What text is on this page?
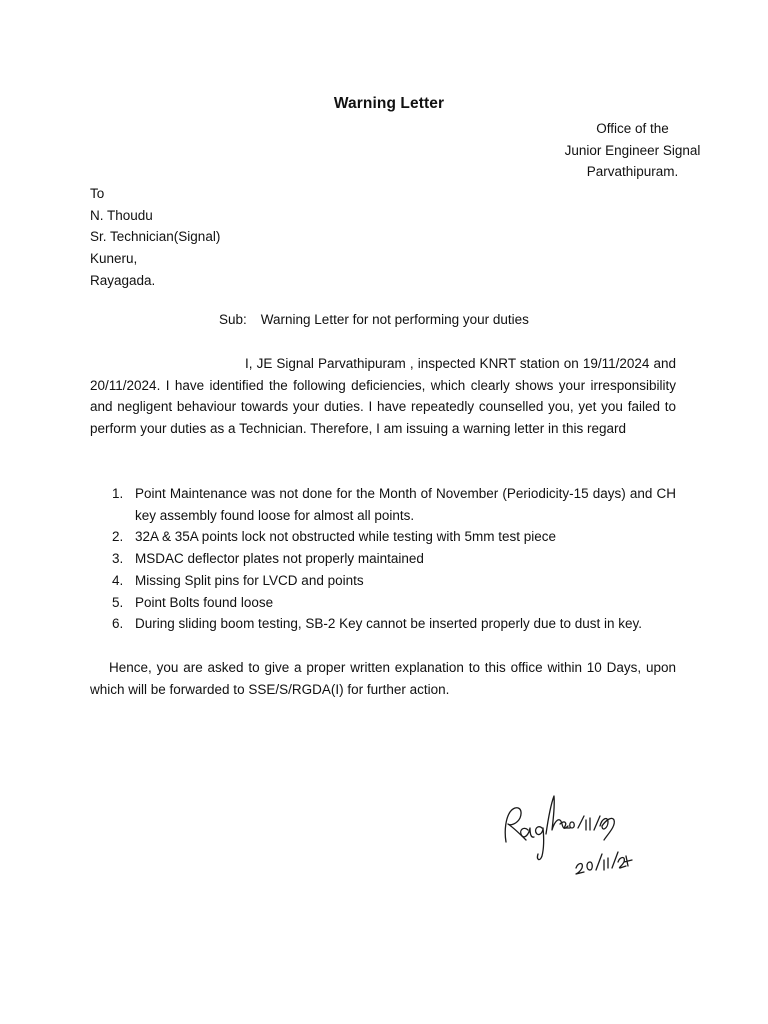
Warning Letter
Office of the
Junior Engineer Signal
Parvathipuram.
To
N. Thoudu
Sr. Technician(Signal)
Kuneru,
Rayagada.
Sub: Warning Letter for not performing your duties
I, JE Signal Parvathipuram , inspected KNRT station on 19/11/2024 and 20/11/2024. I have identified the following deficiencies, which clearly shows your irresponsibility and negligent behaviour towards your duties. I have repeatedly counselled you, yet you failed to perform your duties as a Technician. Therefore, I am issuing a warning letter in this regard
1. Point Maintenance was not done for the Month of November (Periodicity-15 days) and CH key assembly found loose for almost all points.
2. 32A & 35A points lock not obstructed while testing with 5mm test piece
3. MSDAC deflector plates not properly maintained
4. Missing Split pins for LVCD and points
5. Point Bolts found loose
6. During sliding boom testing, SB-2 Key cannot be inserted properly due to dust in key.
Hence, you are asked to give a proper written explanation to this office within 10 Days, upon which will be forwarded to SSE/S/RGDA(I) for further action.
